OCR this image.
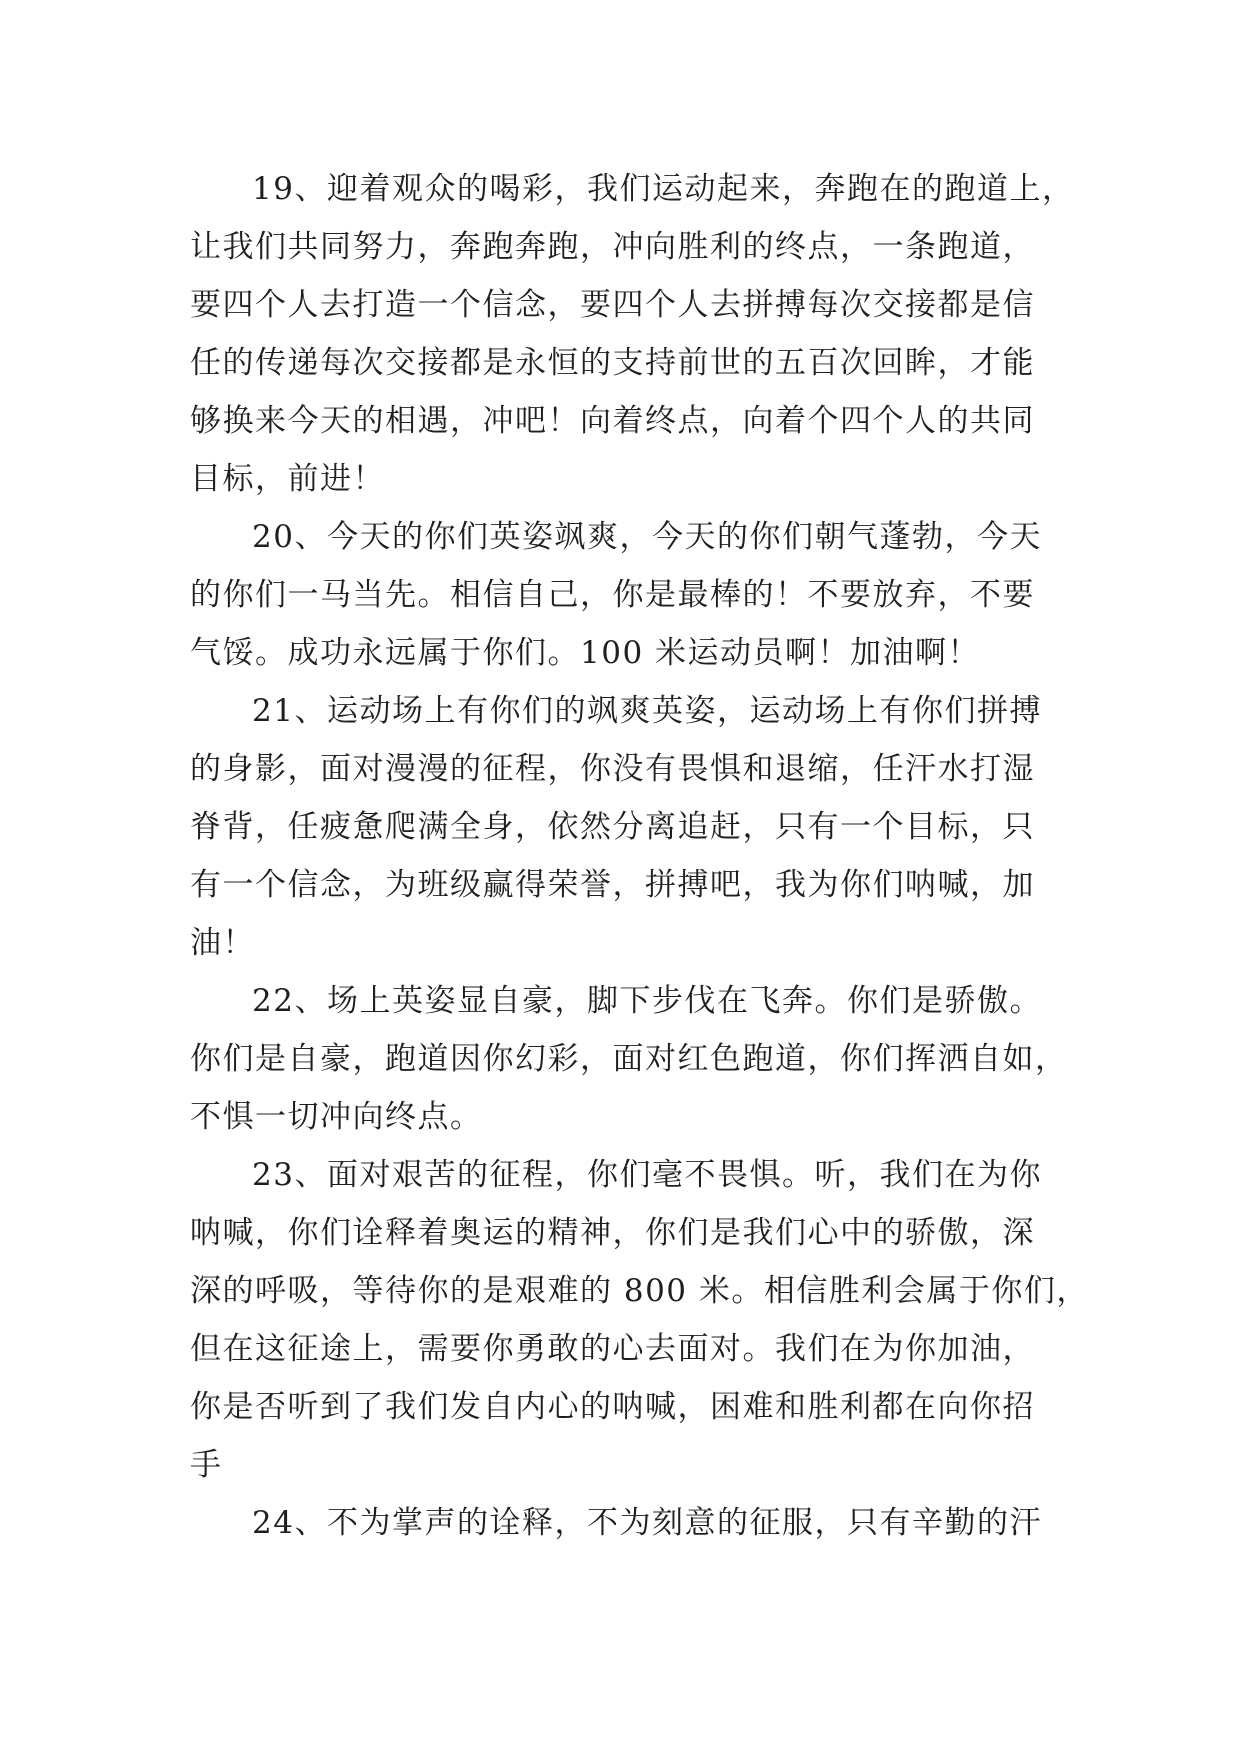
19、迎着观众的喝彩，我们运动起来，奔跑在的跑道上，
让我们共同努力，奔跑奔跑，冲向胜利的终点，一条跑道，
要四个人去打造一个信念，要四个人去拼搏每次交接都是信
任的传递每次交接都是永恒的支持前世的五百次回眸，才能
够换来今天的相遇，冲吧！向着终点，向着个四个人的共同
目标，前进！
20、今天的你们英姿飒爽，今天的你们朝气蓬勃，今天
的你们一马当先。相信自己，你是最棒的！不要放弃，不要
气馁。成功永远属于你们。100 米运动员啊！加油啊！
21、运动场上有你们的飒爽英姿，运动场上有你们拼搏
的身影，面对漫漫的征程，你没有畏惧和退缩，任汗水打湿
脊背，任疲惫爬满全身，依然分离追赶，只有一个目标，只
有一个信念，为班级赢得荣誉，拼搏吧，我为你们呐喊，加
油！
22、场上英姿显自豪，脚下步伐在飞奔。你们是骄傲。
你们是自豪，跑道因你幻彩，面对红色跑道，你们挥洒自如，
不惧一切冲向终点。
23、面对艰苦的征程，你们毫不畏惧。听，我们在为你
呐喊，你们诠释着奥运的精神，你们是我们心中的骄傲，深
深的呼吸，等待你的是艰难的 800 米。相信胜利会属于你们，
但在这征途上，需要你勇敢的心去面对。我们在为你加油，
你是否听到了我们发自内心的呐喊，困难和胜利都在向你招
手
24、不为掌声的诠释，不为刻意的征服，只有辛勤的汗
